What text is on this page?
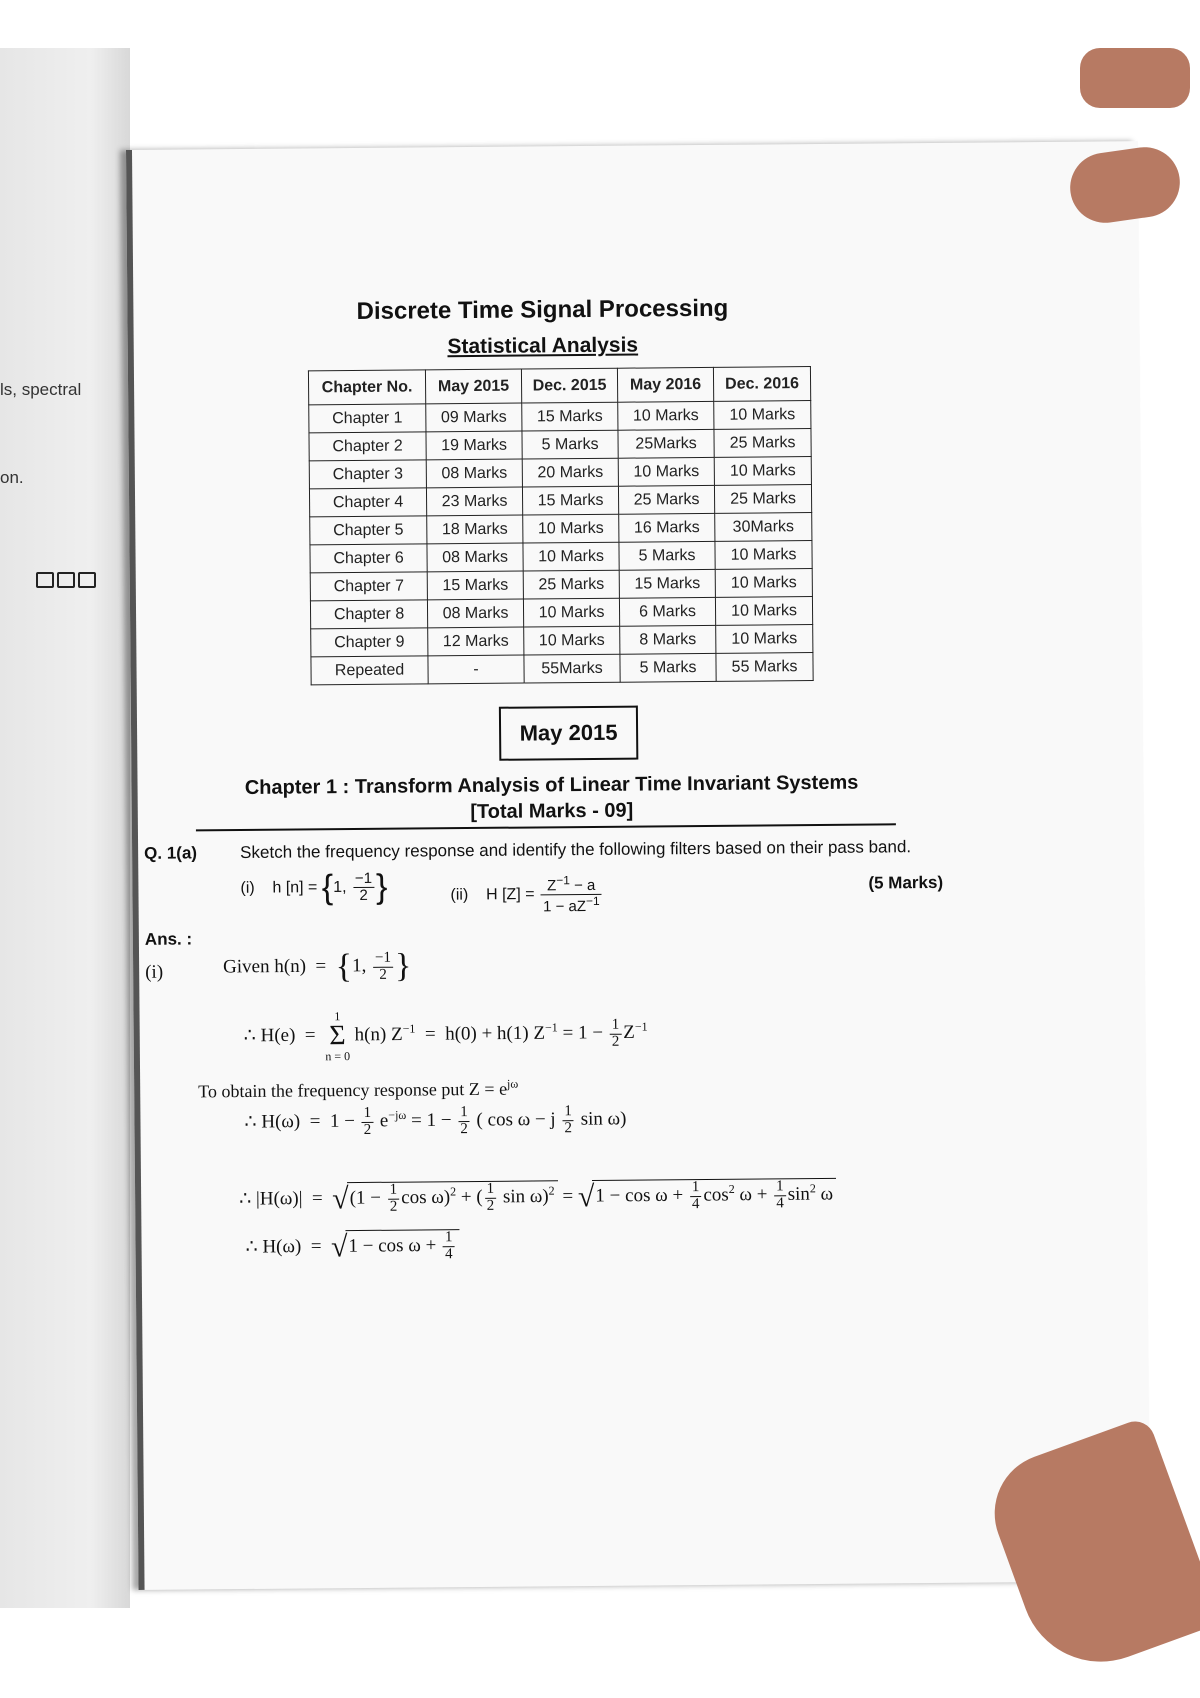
ls, spectral
on.
Discrete Time Signal Processing
Statistical Analysis
Chapter No.	May 2015	Dec. 2015	May 2016	Dec. 2016
Chapter 1	09 Marks	15 Marks	10 Marks	10 Marks
Chapter 2	19 Marks	5 Marks	25Marks	25 Marks
Chapter 3	08 Marks	20 Marks	10 Marks	10 Marks
Chapter 4	23 Marks	15 Marks	25 Marks	25 Marks
Chapter 5	18 Marks	10 Marks	16 Marks	30Marks
Chapter 6	08 Marks	10 Marks	5 Marks	10 Marks
Chapter 7	15 Marks	25 Marks	15 Marks	10 Marks
Chapter 8	08 Marks	10 Marks	6 Marks	10 Marks
Chapter 9	12 Marks	10 Marks	8 Marks	10 Marks
Repeated	-	55Marks	5 Marks	55 Marks
May 2015
Chapter 1 : Transform Analysis of Linear Time Invariant Systems
[Total Marks - 09]
Q. 1(a)	Sketch the frequency response and identify the following filters based on their pass band.
(i)    h [n] = {1, $\frac{-1}{2}$ }	(ii)    H $[Z] = \frac{Z^{-1} - a}{1 - aZ^{-1}}$	(5 Marks)
Ans. :
(i)	Given h(n)  =  {1, $\frac{-1}{2}$ }
∴ H(e)  =
1
Σ
n = 0
h(n) $Z^{-1} = h(0) + h(1) Z^{-1} = 1 - \frac{1}{2} Z^{-1}$
To obtain the frequency response put $Z = e^{j\omega}$
∴ $H(\omega) = 1 - \frac{1}{2} e^{-j\omega} = 1 - \frac{1}{2}$ ( cos ω − j $\frac{1}{2}$ sin ω)
∴ $|H(\omega)| = √(1 - \frac{1}{2}$ $\cos \omega)^2$ + ( $\frac{1}{2}$ $\sin \omega)^2 = √1 - \cos \omega + \frac{1}{4} \cos^2 \omega + \frac{1}{4} \sin^2 \omega$
∴ $H(\omega) = √1 - \cos \omega + \frac{1}{4}$
